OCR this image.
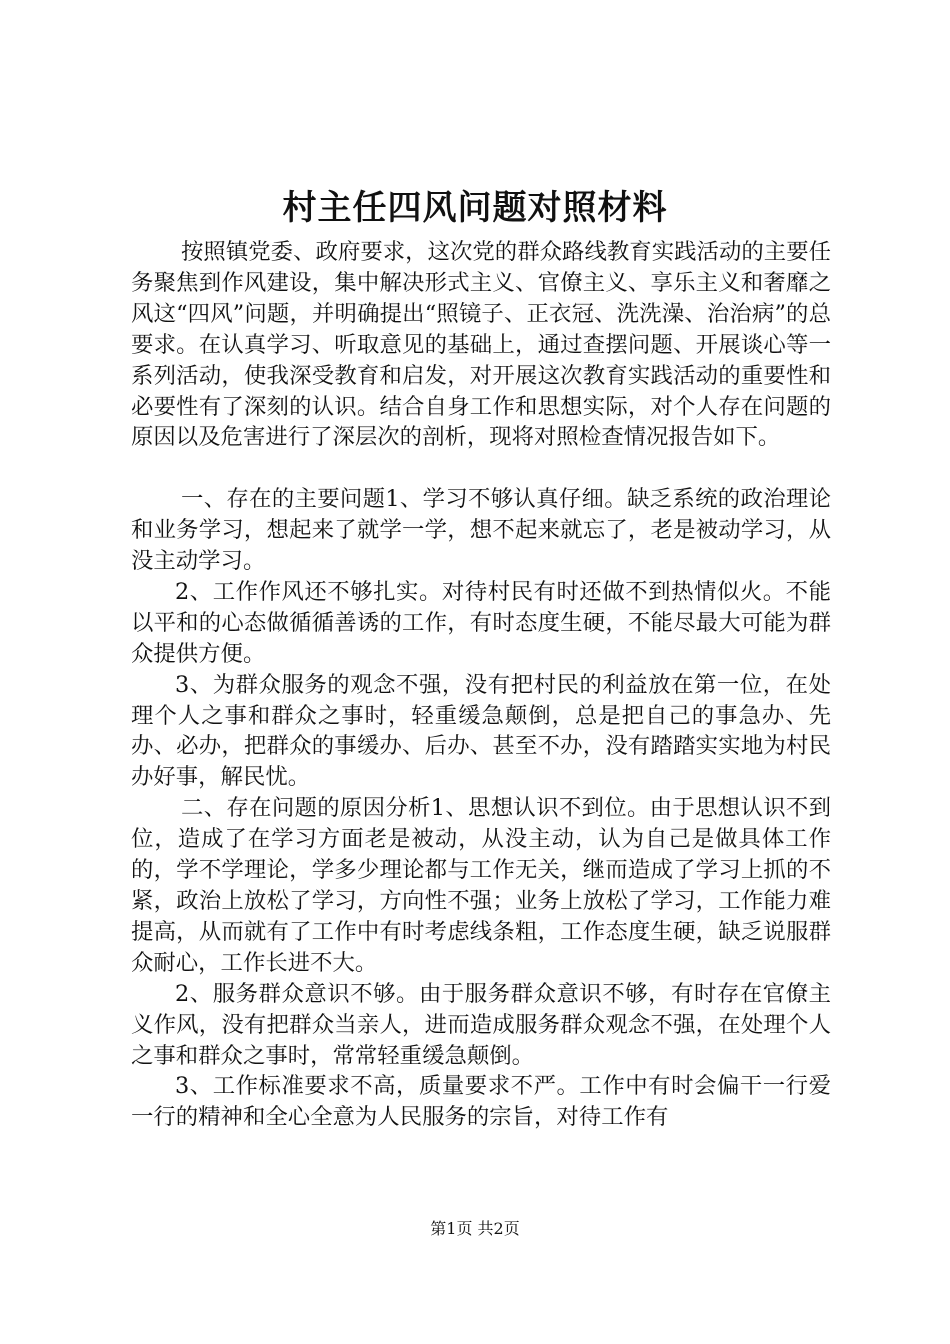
村主任四风问题对照材料

按照镇党委、政府要求，这次党的群众路线教育实践活动的主要任务聚焦到作风建设，集中解决形式主义、官僚主义、享乐主义和奢靡之风这“四风”问题，并明确提出“照镜子、正衣冠、洗洗澡、治治病”的总要求。在认真学习、听取意见的基础上，通过查摆问题、开展谈心等一系列活动，使我深受教育和启发，对开展这次教育实践活动的重要性和必要性有了深刻的认识。结合自身工作和思想实际，对个人存在问题的原因以及危害进行了深层次的剖析，现将对照检查情况报告如下。

一、存在的主要问题1、学习不够认真仔细。缺乏系统的政治理论和业务学习，想起来了就学一学，想不起来就忘了，老是被动学习，从没主动学习。

2、工作作风还不够扎实。对待村民有时还做不到热情似火。不能以平和的心态做循循善诱的工作，有时态度生硬，不能尽最大可能为群众提供方便。

3、为群众服务的观念不强，没有把村民的利益放在第一位，在处理个人之事和群众之事时，轻重缓急颠倒，总是把自己的事急办、先办、必办，把群众的事缓办、后办、甚至不办，没有踏踏实实地为村民办好事，解民忧。

二、存在问题的原因分析1、思想认识不到位。由于思想认识不到位，造成了在学习方面老是被动，从没主动，认为自己是做具体工作的，学不学理论，学多少理论都与工作无关，继而造成了学习上抓的不紧，政治上放松了学习，方向性不强；业务上放松了学习，工作能力难提高，从而就有了工作中有时考虑线条粗，工作态度生硬，缺乏说服群众耐心，工作长进不大。

2、服务群众意识不够。由于服务群众意识不够，有时存在官僚主义作风，没有把群众当亲人，进而造成服务群众观念不强，在处理个人之事和群众之事时，常常轻重缓急颠倒。

3、工作标准要求不高，质量要求不严。工作中有时会偏干一行爱一行的精神和全心全意为人民服务的宗旨，对待工作有

第1页 共2页
